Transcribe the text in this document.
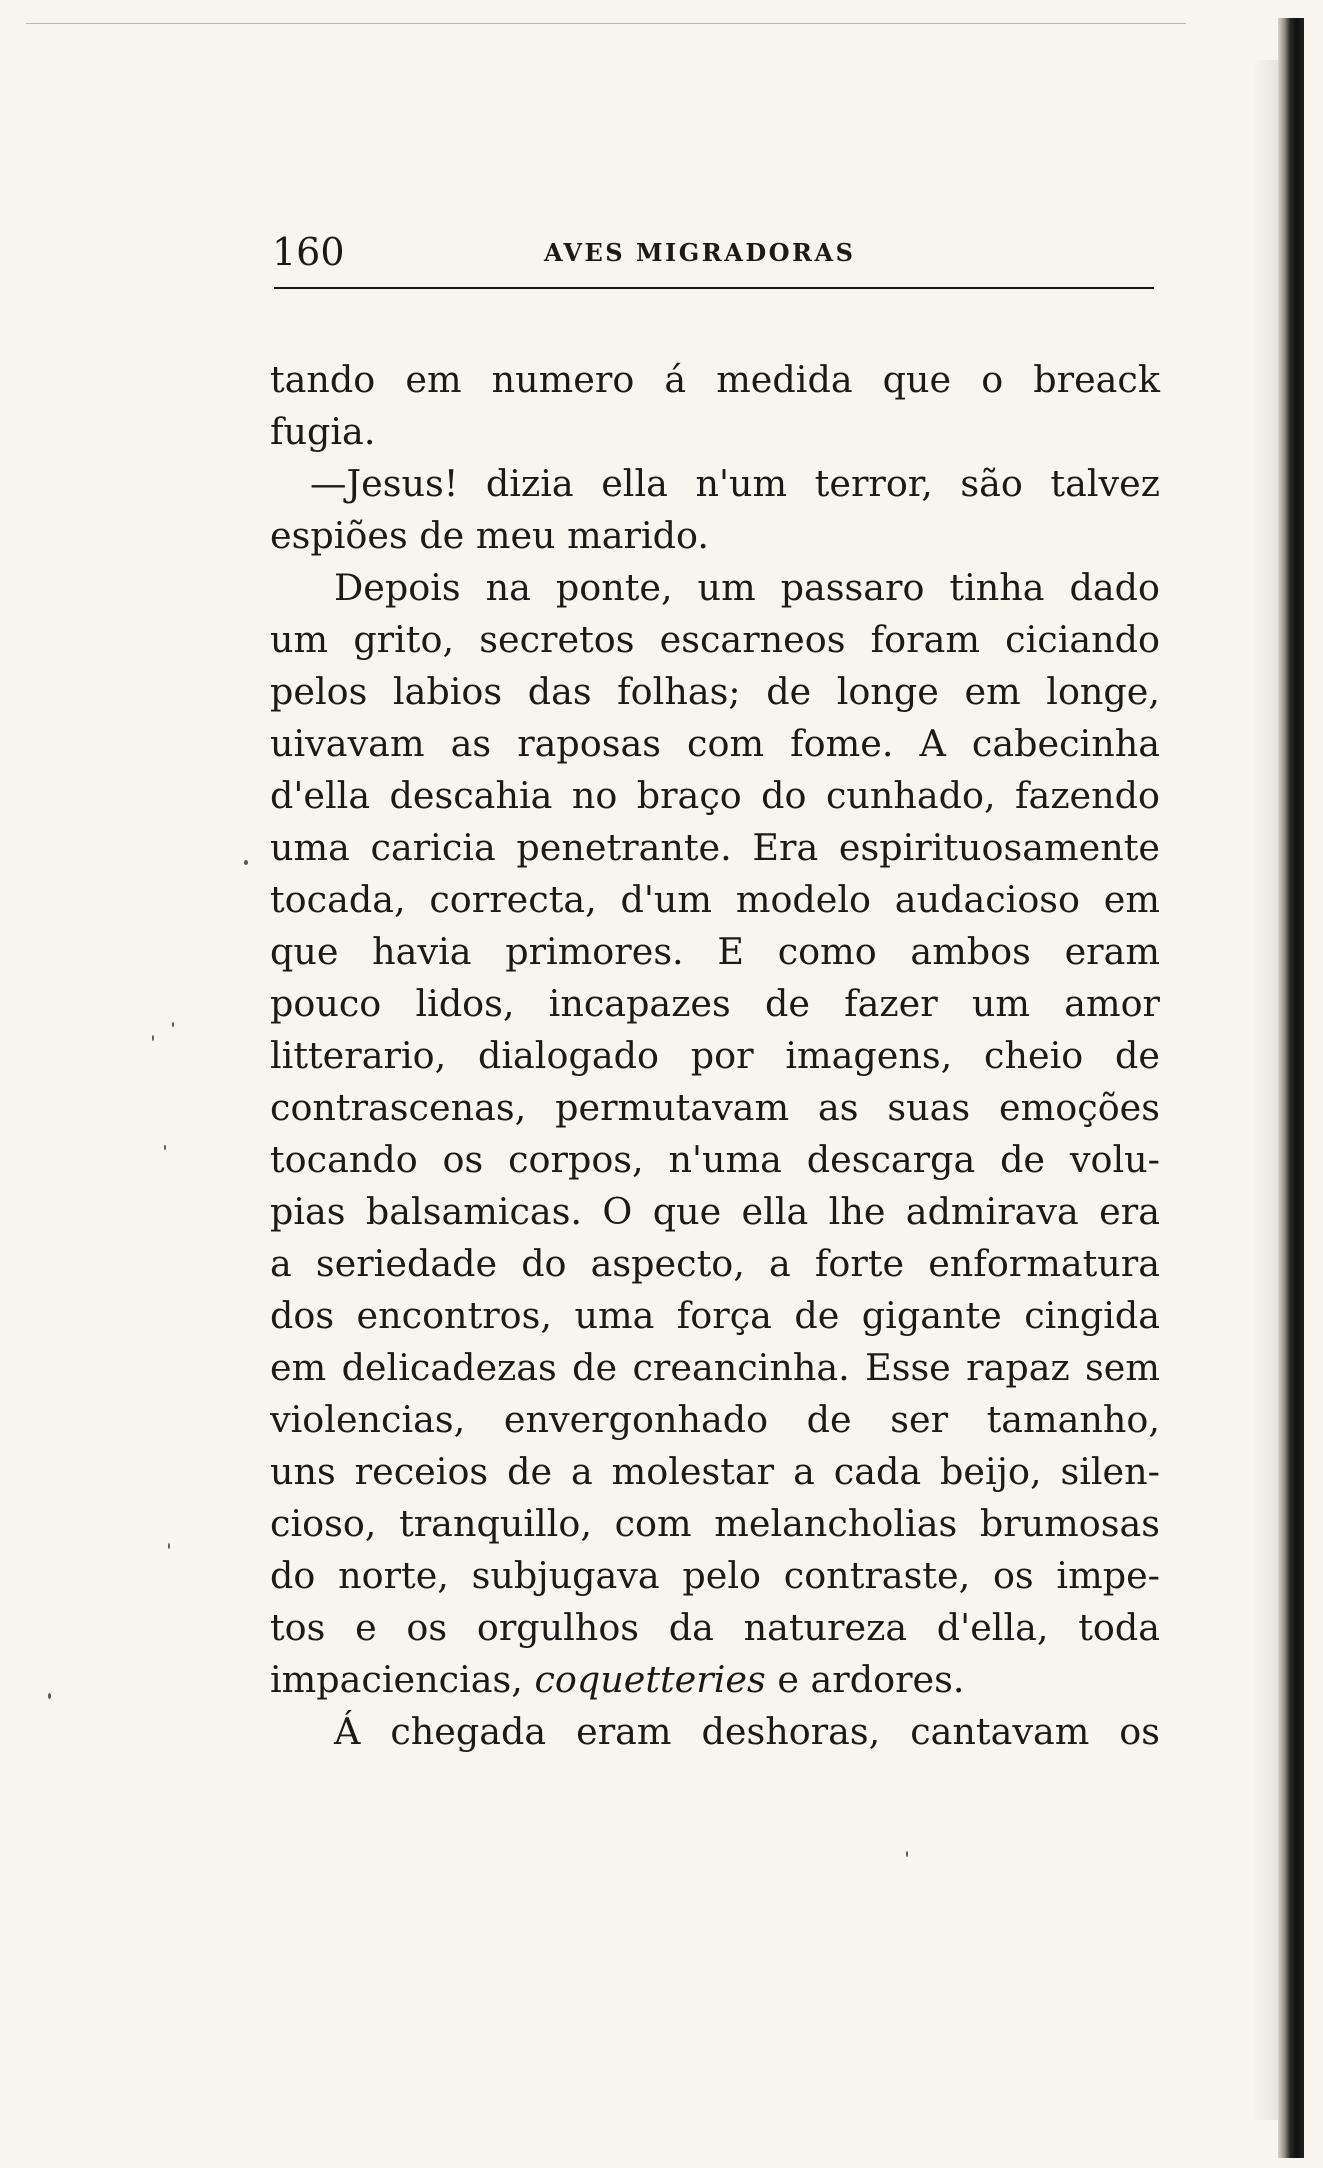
160	AVES MIGRADORAS
tando em numero á medida que o breack
fugia.
—Jesus! dizia ella n'um terror, são talvez
espiões de meu marido.
Depois na ponte, um passaro tinha dado
um grito, secretos escarneos foram ciciando
pelos labios das folhas; de longe em longe,
uivavam as raposas com fome. A cabecinha
d'ella descahia no braço do cunhado, fazendo
uma caricia penetrante. Era espirituosamente
tocada, correcta, d'um modelo audacioso em
que havia primores. E como ambos eram
pouco lidos, incapazes de fazer um amor
litterario, dialogado por imagens, cheio de
contrascenas, permutavam as suas emoções
tocando os corpos, n'uma descarga de volu-
pias balsamicas. O que ella lhe admirava era
a seriedade do aspecto, a forte enformatura
dos encontros, uma força de gigante cingida
em delicadezas de creancinha. Esse rapaz sem
violencias, envergonhado de ser tamanho,
uns receios de a molestar a cada beijo, silen-
cioso, tranquillo, com melancholias brumosas
do norte, subjugava pelo contraste, os impe-
tos e os orgulhos da natureza d'ella, toda
impaciencias, coquetteries e ardores.
Á chegada eram deshoras, cantavam os
